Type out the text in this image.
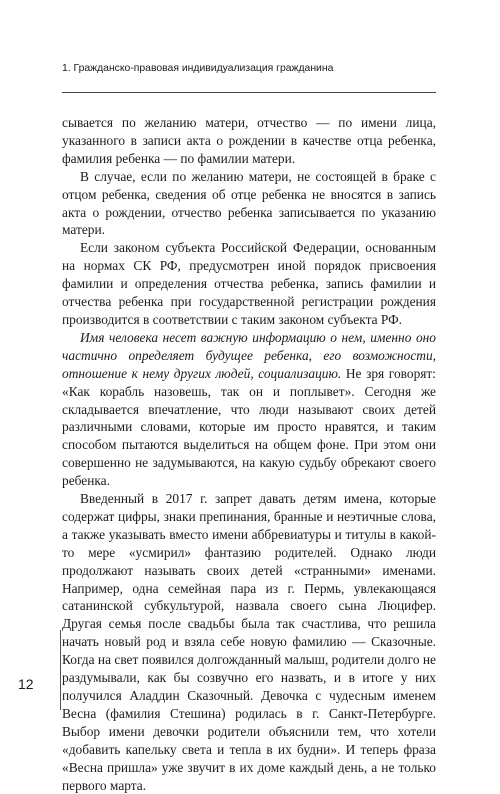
1. Гражданско-правовая индивидуализация гражданина

сывается по желанию матери, отчество — по имени лица, указанного в записи акта о рождении в качестве отца ребенка, фамилия ребенка — по фамилии матери.

В случае, если по желанию матери, не состоящей в браке с отцом ребенка, сведения об отце ребенка не вносятся в запись акта о рождении, отчество ребенка записывается по указанию матери.

Если законом субъекта Российской Федерации, основанным на нормах СК РФ, предусмотрен иной порядок присвоения фамилии и определения отчества ребенка, запись фамилии и отчества ребенка при государственной регистрации рождения производится в соответствии с таким законом субъекта РФ.

Имя человека несет важную информацию о нем, именно оно частично определяет будущее ребенка, его возможности, отношение к нему других людей, социализацию. Не зря говорят: «Как корабль назовешь, так он и поплывет». Сегодня же складывается впечатление, что люди называют своих детей различными словами, которые им просто нравятся, и таким способом пытаются выделиться на общем фоне. При этом они совершенно не задумываются, на какую судьбу обрекают своего ребенка.

Введенный в 2017 г. запрет давать детям имена, которые содержат цифры, знаки препинания, бранные и неэтичные слова, а также указывать вместо имени аббревиатуры и титулы в какой-то мере «усмирил» фантазию родителей. Однако люди продолжают называть своих детей «странными» именами. Например, одна семейная пара из г. Пермь, увлекающаяся сатанинской субкультурой, назвала своего сына Люцифер. Другая семья после свадьбы была так счастлива, что решила начать новый род и взяла себе новую фамилию — Сказочные. Когда на свет появился долгожданный малыш, родители долго не раздумывали, как бы созвучно его назвать, и в итоге у них получился Аладдин Сказочный. Девочка с чудесным именем Весна (фамилия Стешина) родилась в г. Санкт-Петербурге. Выбор имени девочки родители объяснили тем, что хотели «добавить капельку света и тепла в их будни». И теперь фраза «Весна пришла» уже звучит в их доме каждый день, а не только первого марта.

12
